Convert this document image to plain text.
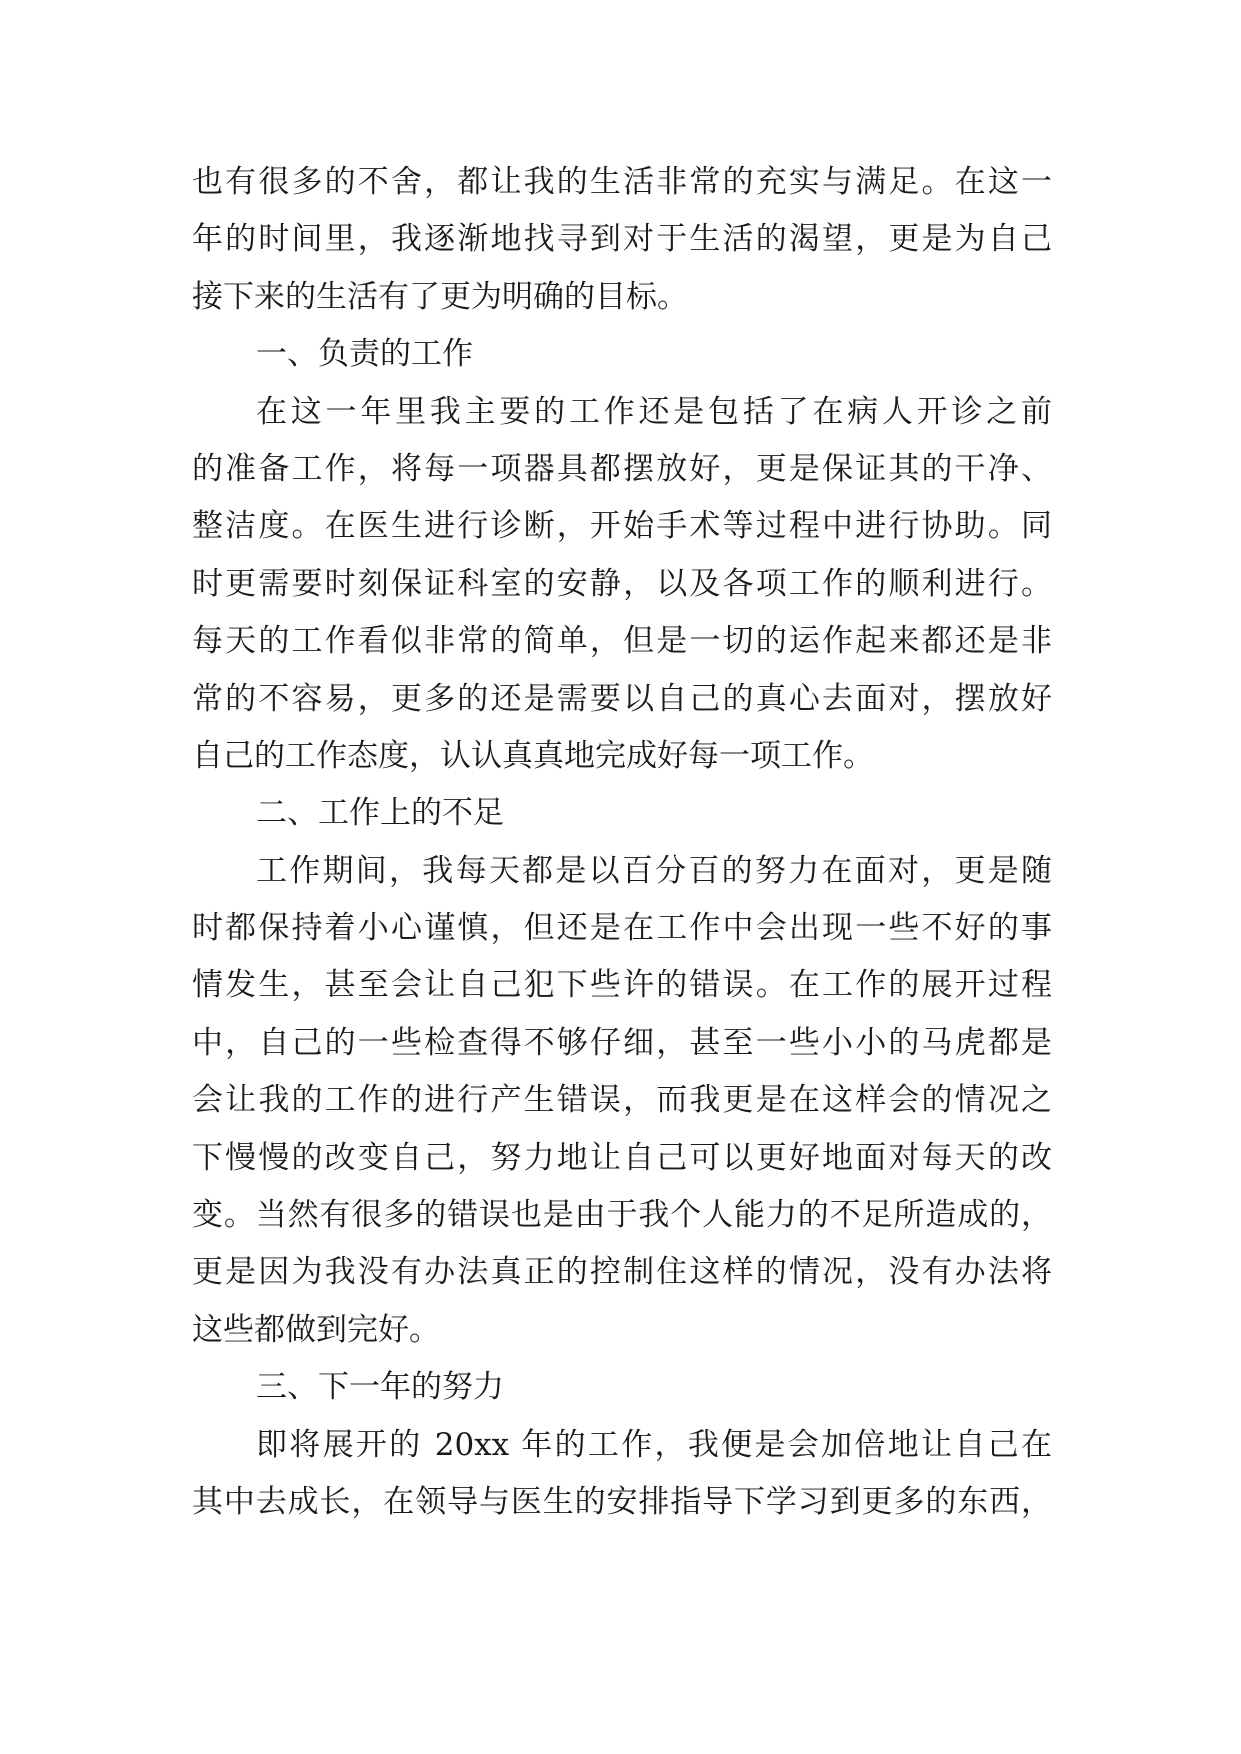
也有很多的不舍，都让我的生活非常的充实与满足。在这一
年的时间里，我逐渐地找寻到对于生活的渴望，更是为自己
接下来的生活有了更为明确的目标。
一、负责的工作
在这一年里我主要的工作还是包括了在病人开诊之前
的准备工作，将每一项器具都摆放好，更是保证其的干净、
整洁度。在医生进行诊断，开始手术等过程中进行协助。同
时更需要时刻保证科室的安静，以及各项工作的顺利进行。
每天的工作看似非常的简单，但是一切的运作起来都还是非
常的不容易，更多的还是需要以自己的真心去面对，摆放好
自己的工作态度，认认真真地完成好每一项工作。
二、工作上的不足
工作期间，我每天都是以百分百的努力在面对，更是随
时都保持着小心谨慎，但还是在工作中会出现一些不好的事
情发生，甚至会让自己犯下些许的错误。在工作的展开过程
中，自己的一些检查得不够仔细，甚至一些小小的马虎都是
会让我的工作的进行产生错误，而我更是在这样会的情况之
下慢慢的改变自己，努力地让自己可以更好地面对每天的改
变。当然有很多的错误也是由于我个人能力的不足所造成的，
更是因为我没有办法真正的控制住这样的情况，没有办法将
这些都做到完好。
三、下一年的努力
即将展开的 20xx 年的工作，我便是会加倍地让自己在
其中去成长，在领导与医生的安排指导下学习到更多的东西，
